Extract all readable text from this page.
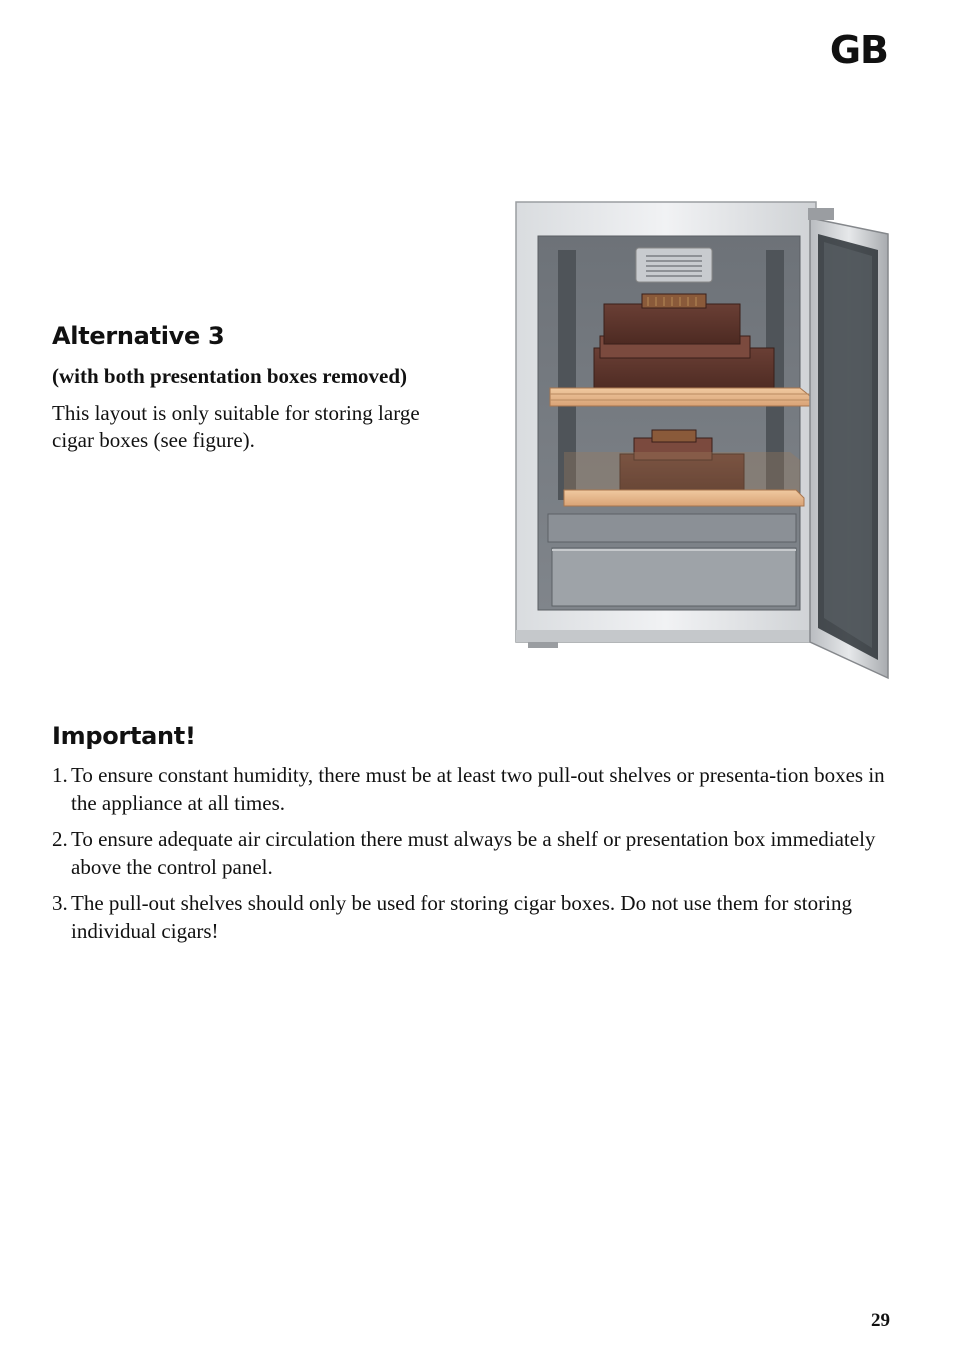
GB
Alternative 3

(with both presentation boxes removed)

This layout is only suitable for storing large cigar boxes (see figure).

Important!
1. To ensure constant humidity, there must be at least two pull-out shelves or presenta-tion boxes in the appliance at all times.
2. To ensure adequate air circulation there must always be a shelf or presentation box immediately above the control panel.
3. The pull-out shelves should only be used for storing cigar boxes. Do not use them for storing individual cigars!
29
